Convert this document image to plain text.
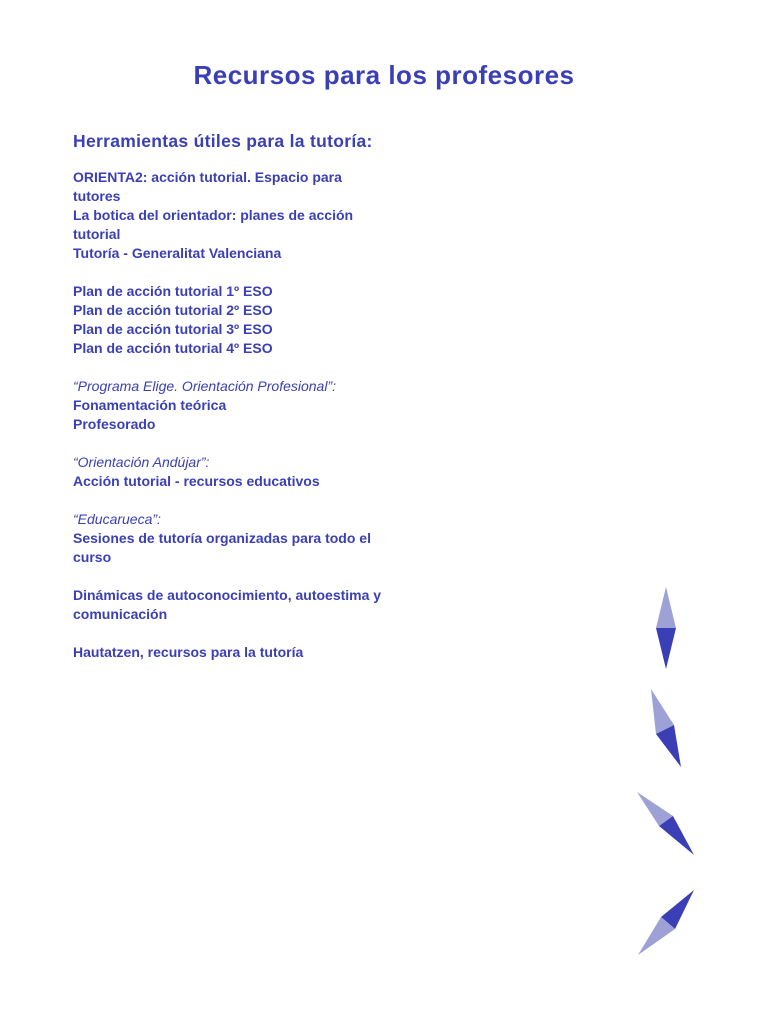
Recursos para los profesores
Herramientas útiles para la tutoría:
ORIENTA2: acción tutorial. Espacio para tutores
La botica del orientador: planes de acción tutorial
Tutoría - Generalitat Valenciana
Plan de acción tutorial 1º ESO
Plan de acción tutorial 2º ESO
Plan de acción tutorial 3º ESO
Plan de acción tutorial 4º ESO
“Programa Elige. Orientación Profesional”:
Fonamentación teórica
Profesorado
“Orientación Andújar”:
Acción tutorial - recursos educativos
“Educarueca”:
Sesiones de tutoría organizadas para todo el curso
Dinámicas de autoconocimiento, autoestima y comunicación
Hautatzen, recursos para la tutoría
